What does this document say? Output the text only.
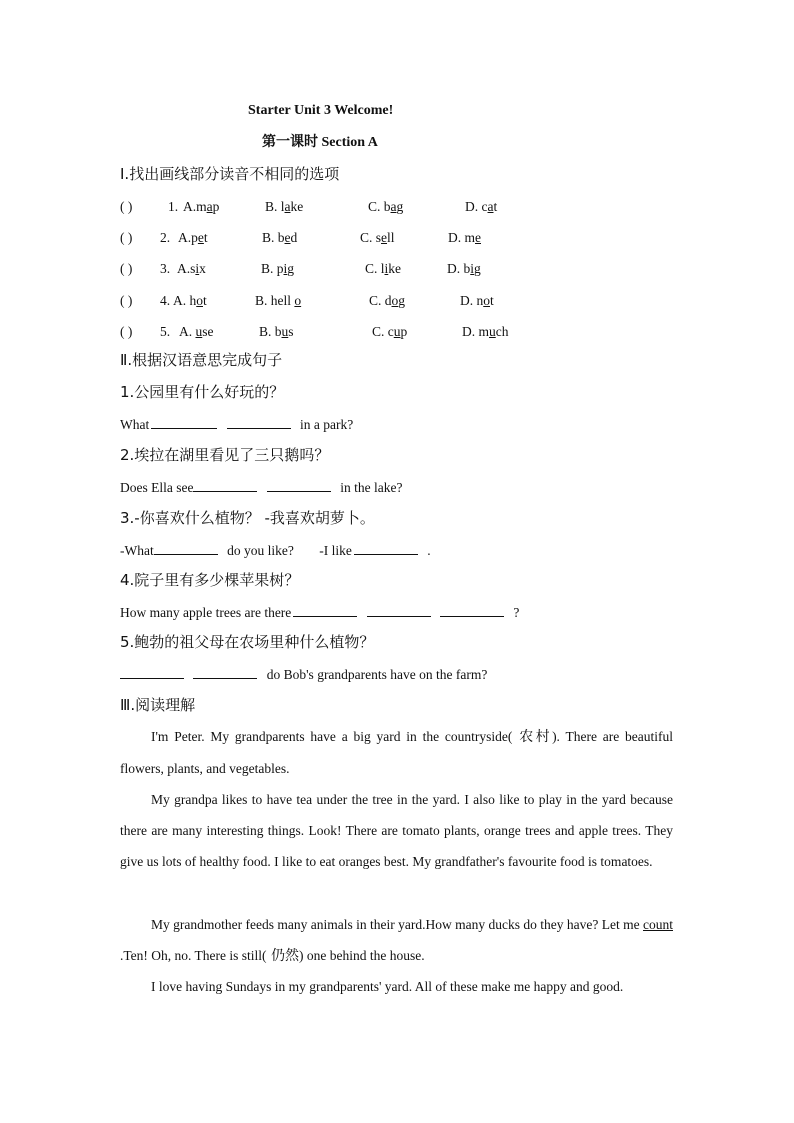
Starter Unit 3 Welcome!
第一课时 Section A
I.找出画线部分读音不相同的选项
( )	1. A.map	B. lake	C. bag	D. cat
( ) 2. A.pet	B. bed	C. sell	D. me
( ) 3. A.six	B. pig	C. like	D. big
( ) 4. A. hot	B. hell o	C. dog	D. not
( ) 5. A. use	B. bus	C. cup	D. much
Ⅱ.根据汉语意思完成句子
1.公园里有什么好玩的？
What	in a park?
2.埃拉在湖里看见了三只鹅吗？
Does Ella see	in the lake?
3.-你喜欢什么植物？ -我喜欢胡萝卜。
-What	do you like? -I like	.
4.院子里有多少棵苹果树？
How many apple trees are there	?
5.鲍勃的祖父母在农场里种什么植物？
do Bob's grandparents have on the farm?
Ⅲ.阅读理解
I'm Peter. My grandparents have a big yard in the countryside( 农村). There are beautiful flowers, plants, and vegetables.
My grandpa likes to have tea under the tree in the yard. I also like to play in the yard because there are many interesting things. Look! There are tomato plants, orange trees and apple trees. They give us lots of healthy food. I like to eat oranges best. My grandfather's favourite food is tomatoes.
My grandmother feeds many animals in their yard.How many ducks do they have? Let me count .Ten! Oh, no. There is still( 仍然) one behind the house.
I love having Sundays in my grandparents' yard. All of these make me happy and good.
